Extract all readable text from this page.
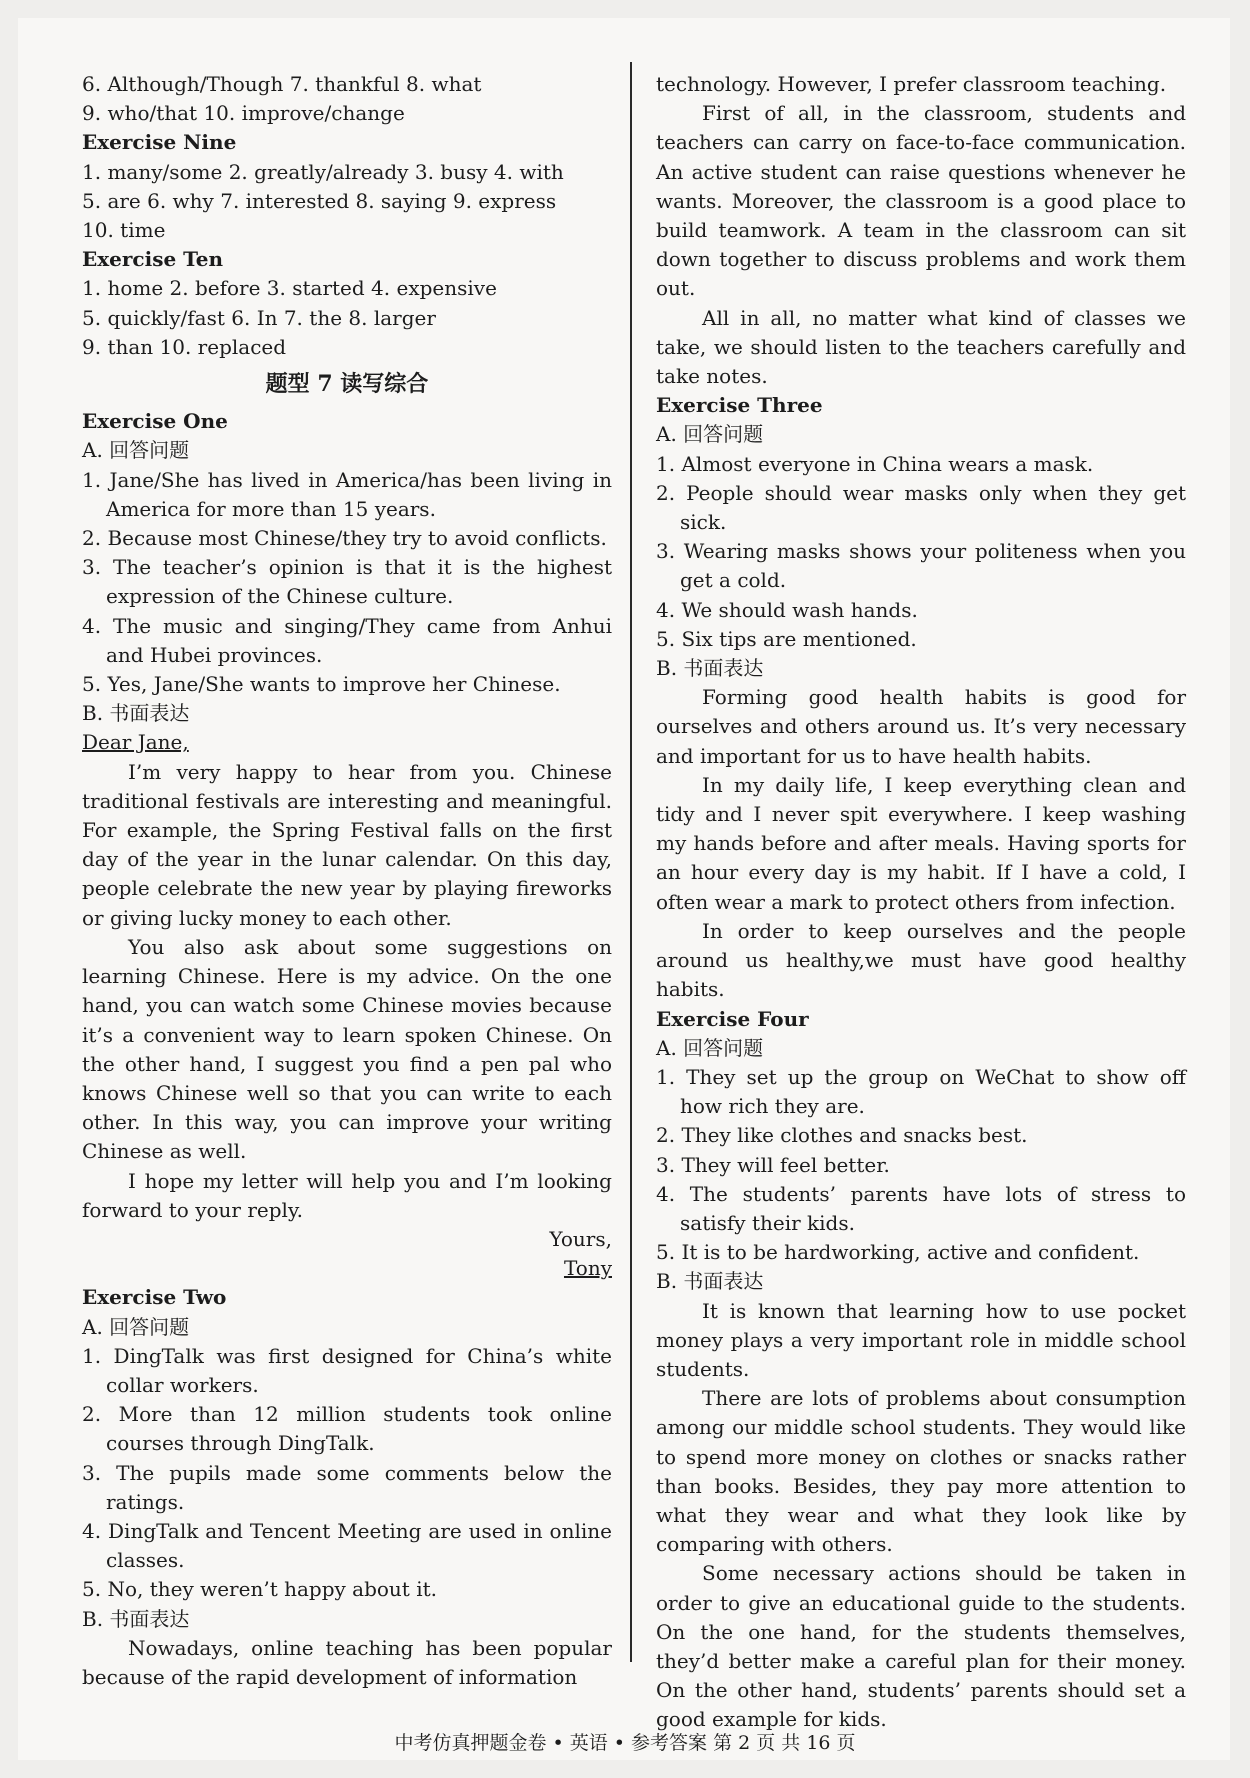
6. Although/Though 7. thankful 8. what
9. who/that 10. improve/change
Exercise Nine
1. many/some 2. greatly/already 3. busy 4. with
5. are 6. why 7. interested 8. saying 9. express
10. time
Exercise Ten
1. home 2. before 3. started 4. expensive
5. quickly/fast 6. In 7. the 8. larger
9. than 10. replaced
题型 7 读写综合
Exercise One
A. 回答问题
1. Jane/She has lived in America/has been living in America for more than 15 years.
2. Because most Chinese/they try to avoid conflicts.
3. The teacher’s opinion is that it is the highest expression of the Chinese culture.
4. The music and singing/They came from Anhui and Hubei provinces.
5. Yes, Jane/She wants to improve her Chinese.
B. 书面表达
Dear Jane,
I’m very happy to hear from you. Chinese traditional festivals are interesting and meaningful. For example, the Spring Festival falls on the first day of the year in the lunar calendar. On this day, people celebrate the new year by playing fireworks or giving lucky money to each other.
You also ask about some suggestions on learning Chinese. Here is my advice. On the one hand, you can watch some Chinese movies because it’s a convenient way to learn spoken Chinese. On the other hand, I suggest you find a pen pal who knows Chinese well so that you can write to each other. In this way, you can improve your writing Chinese as well.
I hope my letter will help you and I’m looking forward to your reply.
Yours,
Tony
Exercise Two
A. 回答问题
1. DingTalk was first designed for China’s white collar workers.
2. More than 12 million students took online courses through DingTalk.
3. The pupils made some comments below the ratings.
4. DingTalk and Tencent Meeting are used in online classes.
5. No, they weren’t happy about it.
B. 书面表达
Nowadays, online teaching has been popular because of the rapid development of information
technology. However, I prefer classroom teaching.
First of all, in the classroom, students and teachers can carry on face-to-face communication. An active student can raise questions whenever he wants. Moreover, the classroom is a good place to build teamwork. A team in the classroom can sit down together to discuss problems and work them out.
All in all, no matter what kind of classes we take, we should listen to the teachers carefully and take notes.
Exercise Three
A. 回答问题
1. Almost everyone in China wears a mask.
2. People should wear masks only when they get sick.
3. Wearing masks shows your politeness when you get a cold.
4. We should wash hands.
5. Six tips are mentioned.
B. 书面表达
Forming good health habits is good for ourselves and others around us. It’s very necessary and important for us to have health habits.
In my daily life, I keep everything clean and tidy and I never spit everywhere. I keep washing my hands before and after meals. Having sports for an hour every day is my habit. If I have a cold, I often wear a mark to protect others from infection.
In order to keep ourselves and the people around us healthy,we must have good healthy habits.
Exercise Four
A. 回答问题
1. They set up the group on WeChat to show off how rich they are.
2. They like clothes and snacks best.
3. They will feel better.
4. The students’ parents have lots of stress to satisfy their kids.
5. It is to be hardworking, active and confident.
B. 书面表达
It is known that learning how to use pocket money plays a very important role in middle school students.
There are lots of problems about consumption among our middle school students. They would like to spend more money on clothes or snacks rather than books. Besides, they pay more attention to what they wear and what they look like by comparing with others.
Some necessary actions should be taken in order to give an educational guide to the students. On the one hand, for the students themselves, they’d better make a careful plan for their money. On the other hand, students’ parents should set a good example for kids.
中考仿真押题金卷 • 英语 • 参考答案 第 2 页 共 16 页
